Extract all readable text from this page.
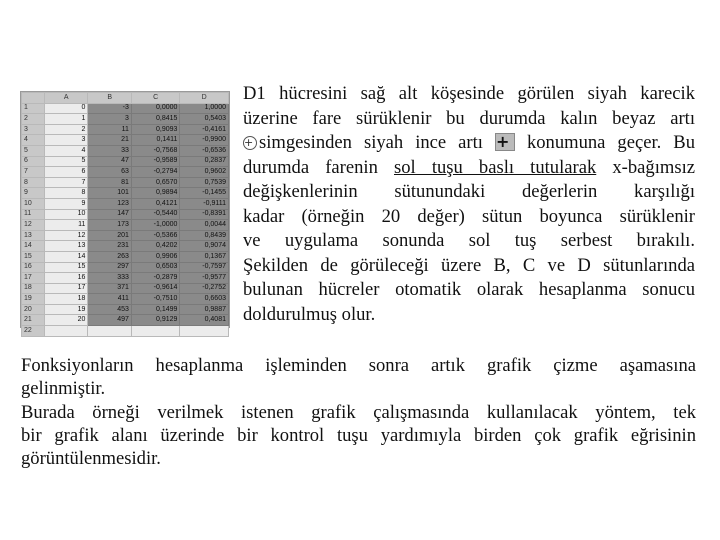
	A	B	C	D
1	0	-3	0,0000	1,0000
2	1	3	0,8415	0,5403
3	2	11	0,9093	-0,4161
4	3	21	0,1411	-0,9900
5	4	33	-0,7568	-0,6536
6	5	47	-0,9589	0,2837
7	6	63	-0,2794	0,9602
8	7	81	0,6570	0,7539
9	8	101	0,9894	-0,1455
10	9	123	0,4121	-0,9111
11	10	147	-0,5440	-0,8391
12	11	173	-1,0000	0,0044
13	12	201	-0,5366	0,8439
14	13	231	0,4202	0,9074
15	14	263	0,9906	0,1367
16	15	297	0,6503	-0,7597
17	16	333	-0,2879	-0,9577
18	17	371	-0,9614	-0,2752
19	18	411	-0,7510	0,6603
20	19	453	0,1499	0,9887
21	20	497	0,9129	0,4081
22				
D1 hücresini sağ alt köşesinde görülen siyah karecik
üzerine fare sürüklenir bu durumda kalın beyaz artı
+ simgesinden siyah ince artı + konumuna geçer. Bu
durumda farenin sol tuşu baslı tutularak x-bağımsız
değişkenlerinin sütunundaki değerlerin karşılığı
kadar (örneğin 20 değer) sütun boyunca sürüklenir
ve uygulama sonunda sol tuş serbest bırakılı.
Şekilden de görüleceği üzere B, C ve D sütunlarında
bulunan hücreler otomatik olarak hesaplanma sonucu
doldurulmuş olur.
Fonksiyonların hesaplanma işleminden sonra artık grafik çizme aşamasına
gelinmiştir.
Burada örneği verilmek istenen grafik çalışmasında kullanılacak yöntem, tek
bir grafik alanı üzerinde bir kontrol tuşu yardımıyla birden çok grafik eğrisinin
görüntülenmesidir.
